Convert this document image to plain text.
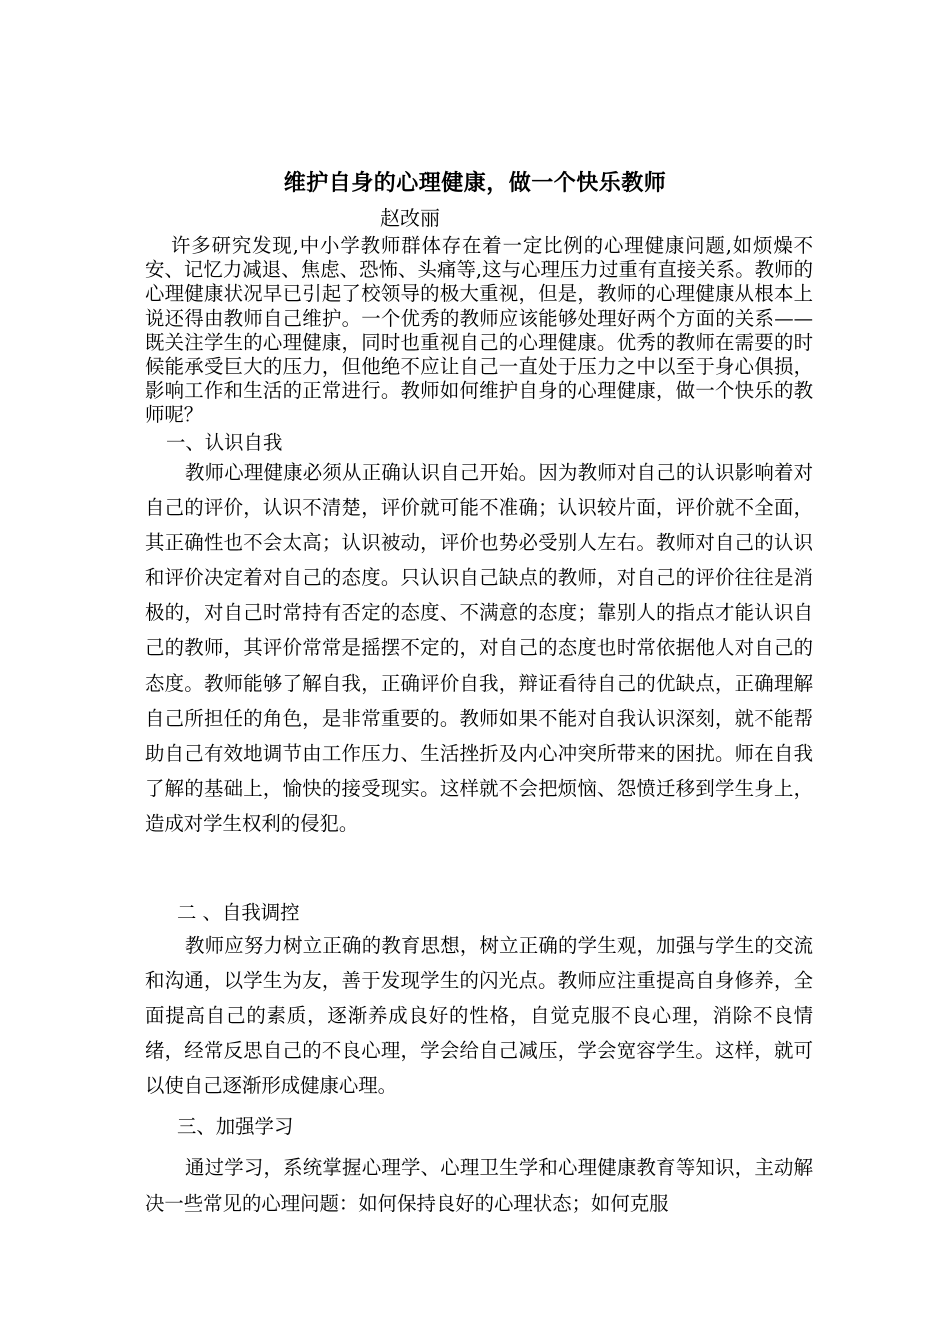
维护自身的心理健康，做一个快乐教师
赵改丽
许多研究发现,中小学教师群体存在着一定比例的心理健康问题,如烦燥不安、记忆力减退、焦虑、恐怖、头痛等,这与心理压力过重有直接关系。教师的心理健康状况早已引起了校领导的极大重视，但是，教师的心理健康从根本上说还得由教师自己维护。一个优秀的教师应该能够处理好两个方面的关系——既关注学生的心理健康，同时也重视自己的心理健康。优秀的教师在需要的时候能承受巨大的压力，但他绝不应让自己一直处于压力之中以至于身心俱损，影响工作和生活的正常进行。教师如何维护自身的心理健康，做一个快乐的教师呢？
一、认识自我
教师心理健康必须从正确认识自己开始。因为教师对自己的认识影响着对自己的评价，认识不清楚，评价就可能不准确；认识较片面，评价就不全面，其正确性也不会太高；认识被动，评价也势必受别人左右。教师对自己的认识和评价决定着对自己的态度。只认识自己缺点的教师，对自己的评价往往是消极的，对自己时常持有否定的态度、不满意的态度；靠别人的指点才能认识自己的教师，其评价常常是摇摆不定的，对自己的态度也时常依据他人对自己的态度。教师能够了解自我，正确评价自我，辩证看待自己的优缺点，正确理解自己所担任的角色，是非常重要的。教师如果不能对自我认识深刻，就不能帮助自己有效地调节由工作压力、生活挫折及内心冲突所带来的困扰。师在自我了解的基础上，愉快的接受现实。这样就不会把烦恼、怨愤迁移到学生身上，造成对学生权利的侵犯。
二 、自我调控
教师应努力树立正确的教育思想，树立正确的学生观，加强与学生的交流和沟通，以学生为友，善于发现学生的闪光点。教师应注重提高自身修养，全面提高自己的素质，逐渐养成良好的性格，自觉克服不良心理，消除不良情绪，经常反思自己的不良心理，学会给自己减压，学会宽容学生。这样，就可以使自己逐渐形成健康心理。
三、加强学习
通过学习，系统掌握心理学、心理卫生学和心理健康教育等知识，主动解决一些常见的心理问题：如何保持良好的心理状态；如何克服
